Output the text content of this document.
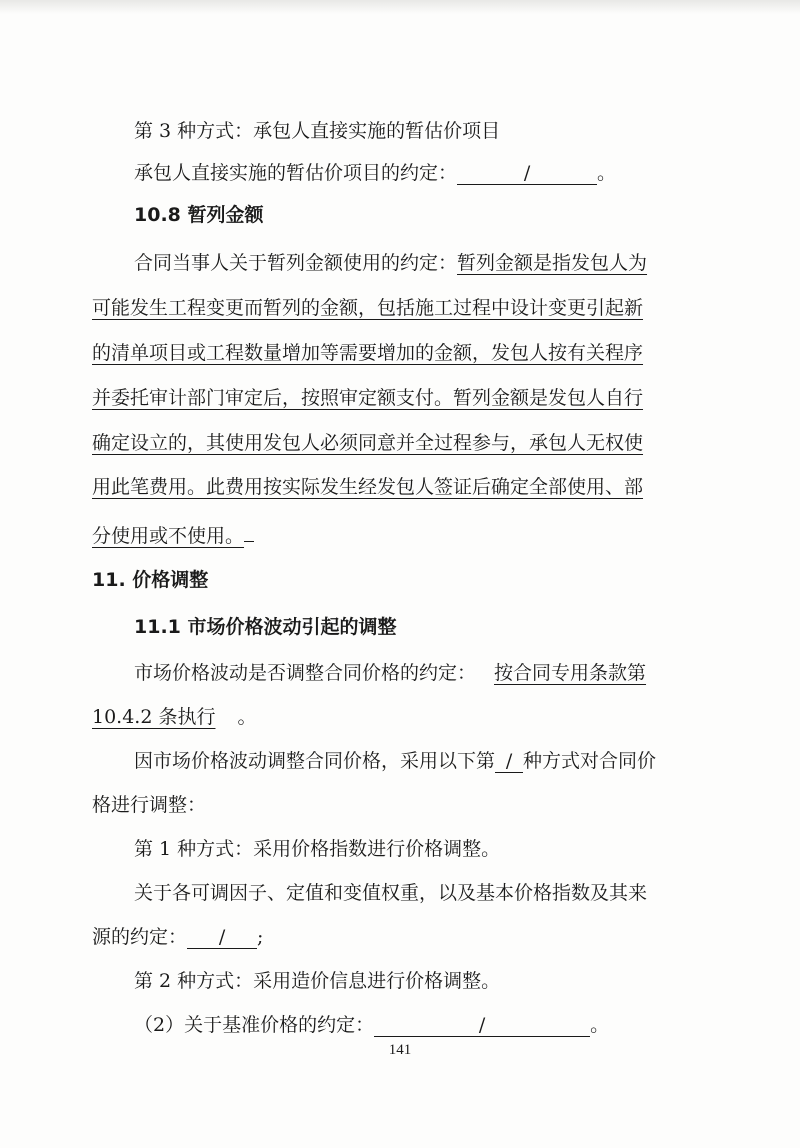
第 3 种方式：承包人直接实施的暂估价项目
承包人直接实施的暂估价项目的约定：	/	。
10.8 暂列金额
合同当事人关于暂列金额使用的约定：暂列金额是指发包人为
可能发生工程变更而暂列的金额，包括施工过程中设计变更引起新
的清单项目或工程数量增加等需要增加的金额，发包人按有关程序
并委托审计部门审定后，按照审定额支付。暂列金额是发包人自行
确定设立的，其使用发包人必须同意并全过程参与，承包人无权使
用此笔费用。此费用按实际发生经发包人签证后确定全部使用、部
分使用或不使用。
11. 价格调整
11.1 市场价格波动引起的调整
市场价格波动是否调整合同价格的约定： 按合同专用条款第
10.4.2 条执行 。
因市场价格波动调整合同价格，采用以下第 / 种方式对合同价
格进行调整：
第 1 种方式：采用价格指数进行价格调整。
关于各可调因子、定值和变值权重，以及基本价格指数及其来
源的约定： / ;
第 2 种方式：采用造价信息进行价格调整。
（2）关于基准价格的约定：	/	。
141
